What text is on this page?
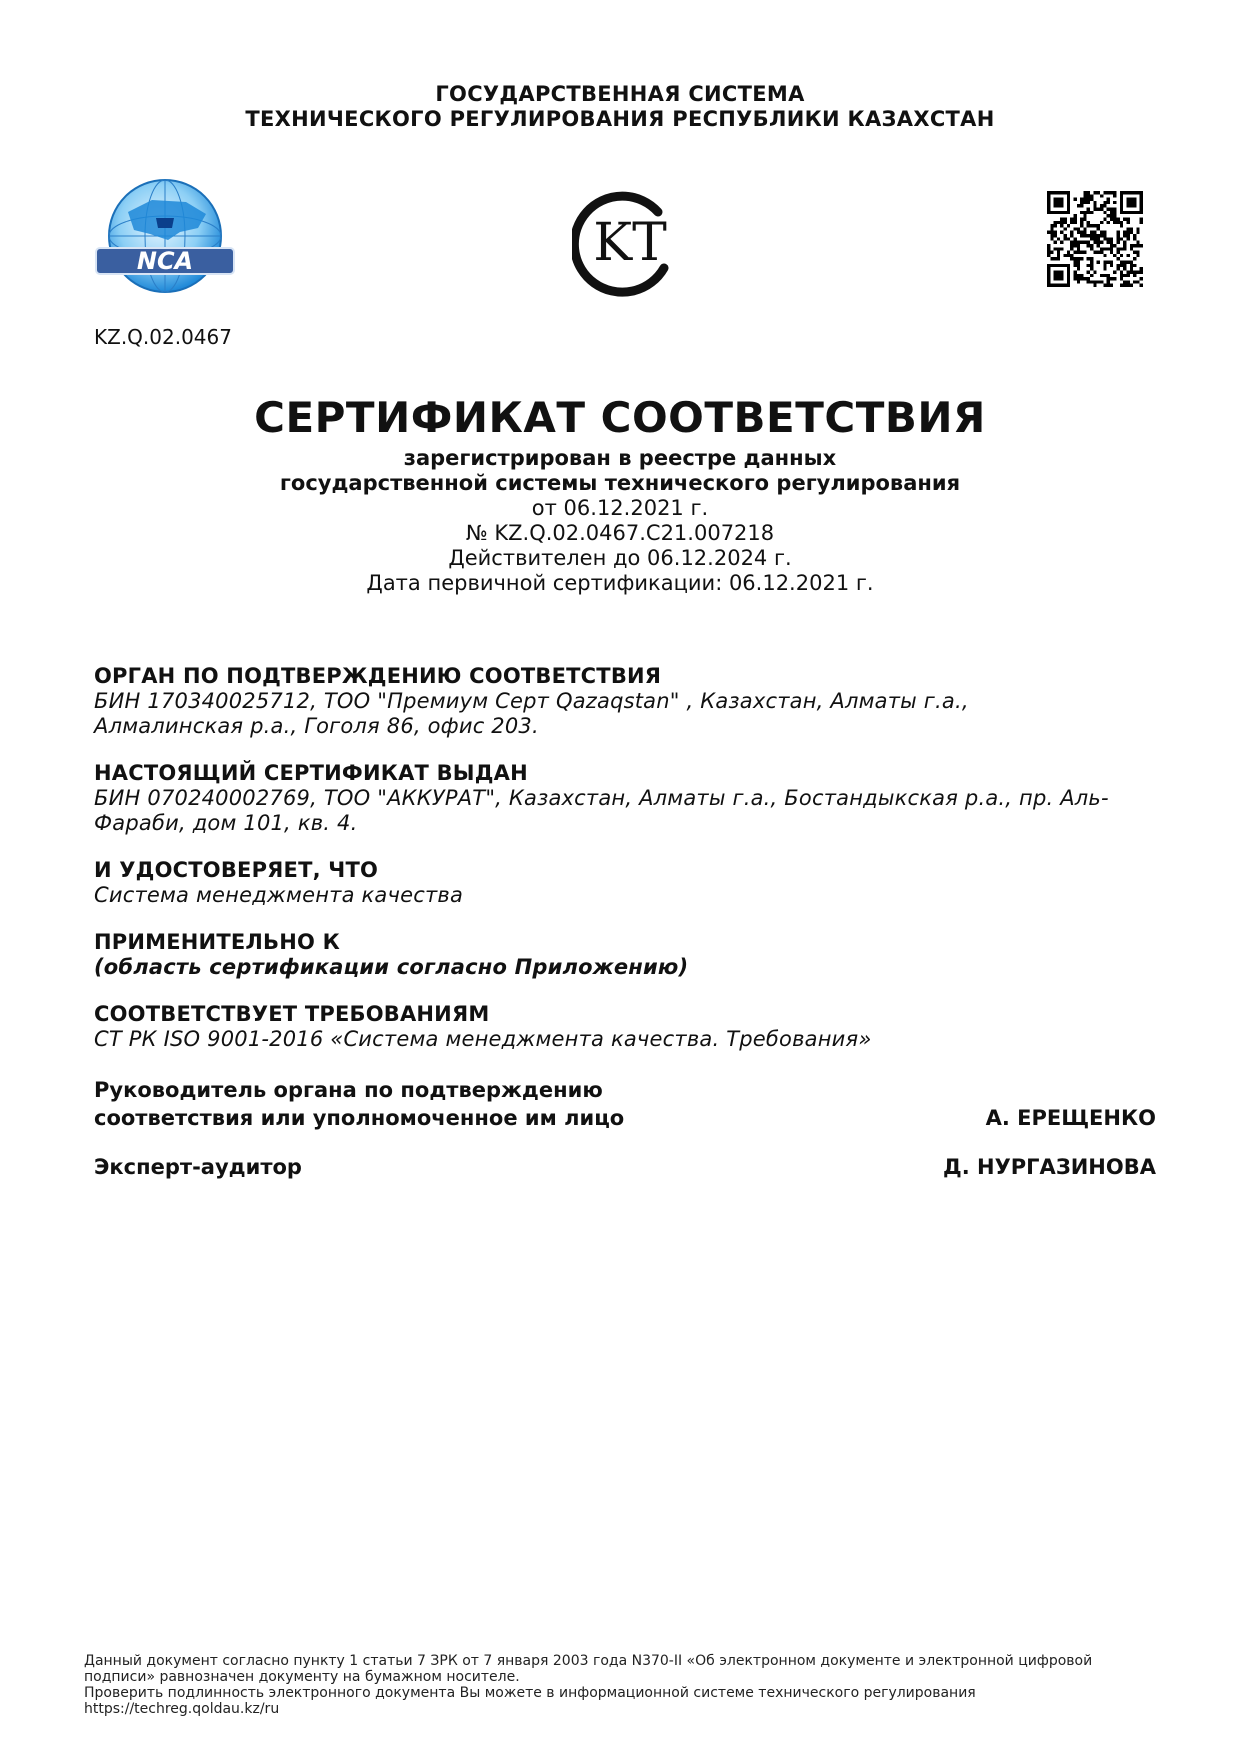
ГОСУДАРСТВЕННАЯ СИСТЕМА
ТЕХНИЧЕСКОГО РЕГУЛИРОВАНИЯ РЕСПУБЛИКИ КАЗАХСТАН
NCA	KT
KZ.Q.02.0467
СЕРТИФИКАТ СООТВЕТСТВИЯ
зарегистрирован в реестре данных
государственной системы технического регулирования
от 06.12.2021 г.
№ KZ.Q.02.0467.C21.007218
Действителен до 06.12.2024 г.
Дата первичной сертификации: 06.12.2021 г.
ОРГАН ПО ПОДТВЕРЖДЕНИЮ СООТВЕТСТВИЯ
БИН 170340025712, ТОО "Премиум Серт Qazaqstan" , Казахстан, Алматы г.а.,
Алмалинская р.а., Гоголя 86, офис 203.
НАСТОЯЩИЙ СЕРТИФИКАТ ВЫДАН
БИН 070240002769, ТОО "АККУРАТ", Казахстан, Алматы г.а., Бостандыкская р.а., пр. Аль-
Фараби, дом 101, кв. 4.
И УДОСТОВЕРЯЕТ, ЧТО
Система менеджмента качества
ПРИМЕНИТЕЛЬНО К
(область сертификации согласно Приложению)
СООТВЕТСТВУЕТ ТРЕБОВАНИЯМ
СТ РК ISO 9001-2016 «Система менеджмента качества. Требования»
Руководитель органа по подтверждению
соответствия или уполномоченное им лицо	А. ЕРЕЩЕНКО
Эксперт-аудитор	Д. НУРГАЗИНОВА
Данный документ согласно пункту 1 статьи 7 ЗРК от 7 января 2003 года N370-II «Об электронном документе и электронной цифровой
подписи» равнозначен документу на бумажном носителе.
Проверить подлинность электронного документа Вы можете в информационной системе технического регулирования
https://techreg.qoldau.kz/ru
